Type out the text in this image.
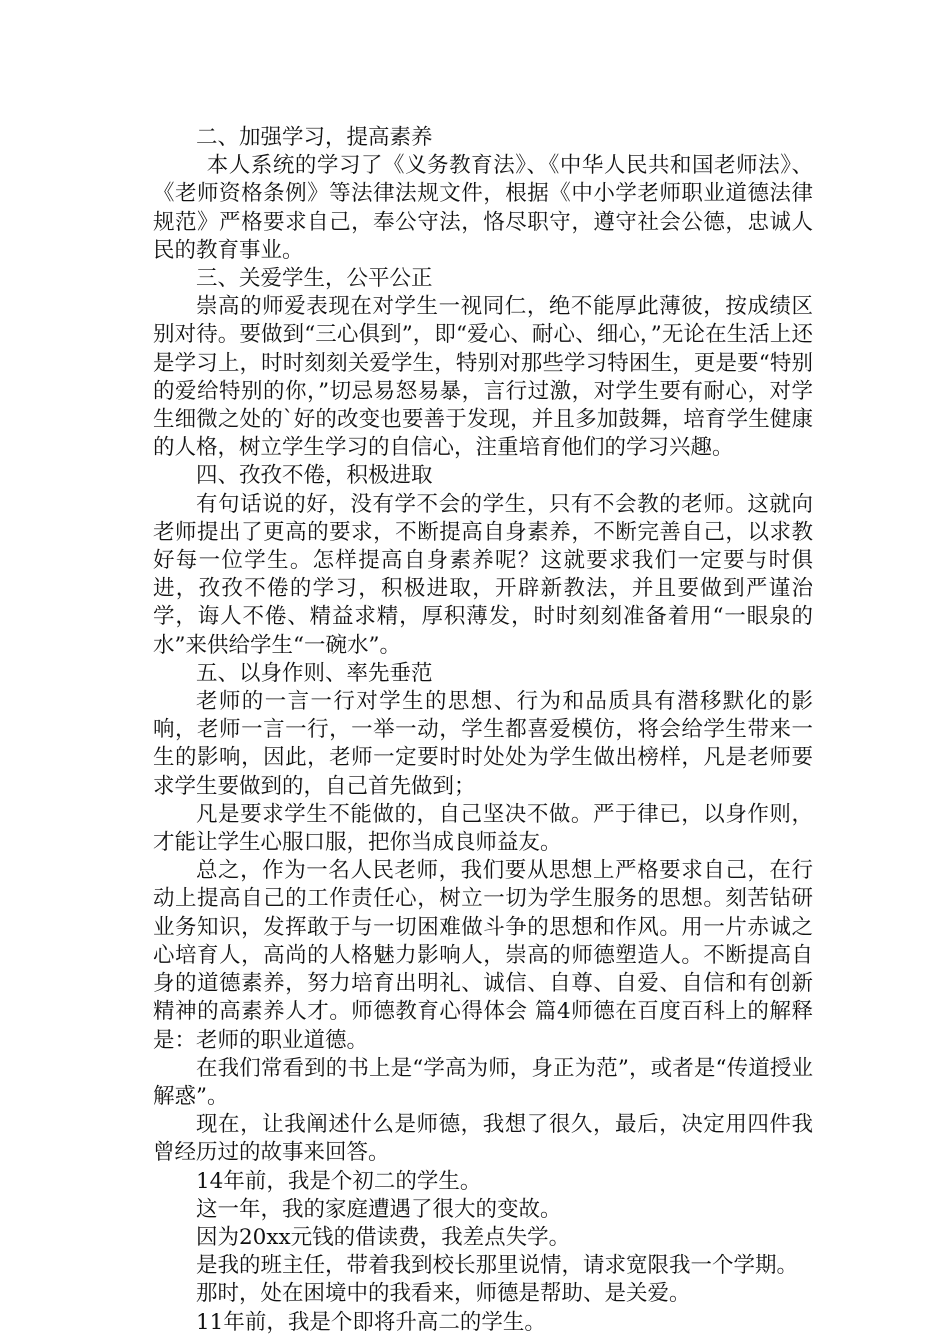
二、加强学习，提高素养

本人系统的学习了《义务教育法》、《中华人民共和国老师法》、《老师资格条例》等法律法规文件，根据《中小学老师职业道德法律规范》严格要求自己，奉公守法，恪尽职守，遵守社会公德，忠诚人民的教育事业。

三、关爱学生，公平公正

崇高的师爱表现在对学生一视同仁，绝不能厚此薄彼，按成绩区别对待。要做到“三心俱到”，即“爱心、耐心、细心，”无论在生活上还是学习上，时时刻刻关爱学生，特别对那些学习特困生，更是要“特别的爱给特别的你，”切忌易怒易暴，言行过激，对学生要有耐心，对学生细微之处的`好的改变也要善于发现，并且多加鼓舞，培育学生健康的人格，树立学生学习的自信心，注重培育他们的学习兴趣。

四、孜孜不倦，积极进取

有句话说的好，没有学不会的学生，只有不会教的老师。这就向老师提出了更高的要求，不断提高自身素养，不断完善自己，以求教好每一位学生。怎样提高自身素养呢？这就要求我们一定要与时俱进，孜孜不倦的学习，积极进取，开辟新教法，并且要做到严谨治学，诲人不倦、精益求精，厚积薄发，时时刻刻准备着用“一眼泉的水”来供给学生“一碗水”。

五、以身作则、率先垂范

老师的一言一行对学生的思想、行为和品质具有潜移默化的影响，老师一言一行，一举一动，学生都喜爱模仿，将会给学生带来一生的影响，因此，老师一定要时时处处为学生做出榜样，凡是老师要求学生要做到的，自己首先做到；

凡是要求学生不能做的，自己坚决不做。严于律已，以身作则，才能让学生心服口服，把你当成良师益友。

总之，作为一名人民老师，我们要从思想上严格要求自己，在行动上提高自己的工作责任心，树立一切为学生服务的思想。刻苦钻研业务知识，发挥敢于与一切困难做斗争的思想和作风。用一片赤诚之心培育人，高尚的人格魅力影响人，崇高的师德塑造人。不断提高自身的道德素养，努力培育出明礼、诚信、自尊、自爱、自信和有创新精神的高素养人才。师德教育心得体会 篇4师德在百度百科上的解释是：老师的职业道德。

在我们常看到的书上是“学高为师，身正为范”，或者是“传道授业解惑”。

现在，让我阐述什么是师德，我想了很久，最后，决定用四件我曾经历过的故事来回答。

14年前，我是个初二的学生。

这一年，我的家庭遭遇了很大的变故。

因为20xx元钱的借读费，我差点失学。

是我的班主任，带着我到校长那里说情，请求宽限我一个学期。

那时，处在困境中的我看来，师德是帮助、是关爱。

11年前，我是个即将升高二的学生。
